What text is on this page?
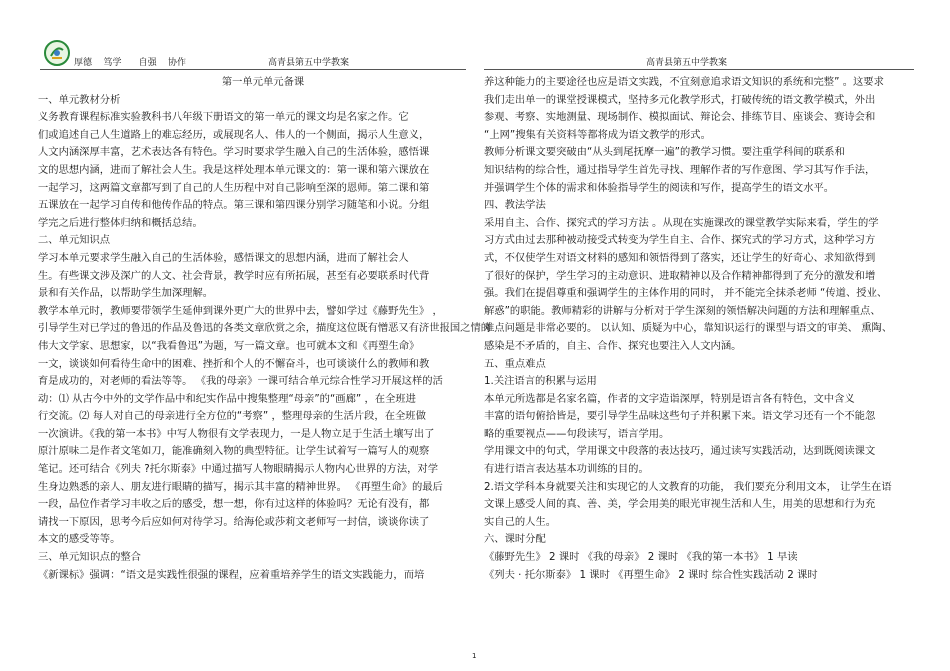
厚德    笃学      自强    协作	高青县第五中学教案	高青县第五中学教案
第一单元单元备课
一、单元教材分析
义务教育课程标准实验教科书八年级下册语文的第一单元的课文均是名家之作。它
们或追述自己人生道路上的难忘经历，或展现名人、伟人的一个侧面，揭示人生意义，
人文内涵深厚丰富，艺术表达各有特色。学习时要求学生融入自己的生活体验，感悟课
文的思想内涵，进而了解社会人生。我是这样处理本单元课文的：第一课和第六课放在
一起学习，这两篇文章都写到了自己的人生历程中对自己影响至深的恩师。第二课和第
五课放在一起学习自传和他传作品的特点。第三课和第四课分别学习随笔和小说。分组
学完之后进行整体归纳和概括总结。
二、单元知识点
学习本单元要求学生融入自己的生活体验，感悟课文的思想内涵，进而了解社会人
生。有些课文涉及深广的人文、社会背景，教学时应有所拓展，甚至有必要联系时代背
景和有关作品，以帮助学生加深理解。
教学本单元时，教师要带领学生延伸到课外更广大的世界中去，譬如学过《藤野先生》 ，
引导学生对已学过的鲁迅的作品及鲁迅的各类文章欣赏之余，描度这位既有憎恶又有济世报国之情的
伟大文学家、思想家，以“我看鲁迅”为题，写一篇文章。也可就本文和《再塑生命》
一文，谈谈如何看待生命中的困难、挫折和个人的不懈奋斗，也可谈谈什么的教师和教
育是成功的，对老师的看法等等。 《我的母亲》一课可结合单元综合性学习开展这样的活
动：⑴ 从古今中外的文学作品中和纪实作品中搜集整理“母亲”的“画廊” ，在全班进
行交流。⑵ 每人对自己的母亲进行全方位的“考察” ，整理母亲的生活片段，在全班做
一次演讲。《我的第一本书》中写人物很有文学表现力，一是人物立足于生活土壤写出了
原汁原味二是作者文笔如刀，能准确刻入物的典型特征。让学生试着写一篇写人的观察
笔记。还可结合《列夫 ?托尔斯泰》中通过描写人物眼睛揭示人物内心世界的方法，对学
生身边熟悉的亲人、朋友进行眼睛的描写，揭示其丰富的精神世界。 《再塑生命》的最后
一段，品位作者学习丰收之后的感受，想一想，你有过这样的体验吗？无论有没有，都
请找一下原因，思考今后应如何对待学习。给海伦或莎莉文老师写一封信，谈谈你读了
本文的感受等等。
三、单元知识点的整合
《新课标》强调：“语文是实践性很强的课程，应着重培养学生的语文实践能力，而培
养这种能力的主要途径也应是语文实践，不宜刻意追求语文知识的系统和完整” 。这要求
我们走出单一的课堂授课模式，坚持多元化教学形式，打破传统的语文教学模式，外出
参观、考察、实地测量、现场制作、模拟面试、辩论会、排练节目、座谈会、赛诗会和
“上网”搜集有关资料等都将成为语文教学的形式。
教师分析课文要突破由“从头到尾抚摩一遍”的教学习惯。要注重学科间的联系和
知识结构的综合性，通过指导学生首先寻找、理解作者的写作意图、学习其写作手法，
并强调学生个体的需求和体验指导学生的阅读和写作，提高学生的语文水平。
四、教法学法
采用自主、合作、探究式的学习方法 。从现在实施课改的课堂教学实际来看，学生的学
习方式由过去那种被动接受式转变为学生自主、合作、探究式的学习方式，这种学习方
式，不仅使学生对语文材料的感知和领悟得到了落实，还让学生的好奇心、求知欲得到
了很好的保护，学生学习的主动意识、进取精神以及合作精神都得到了充分的激发和增
强。我们在提倡尊重和强调学生的主体作用的同时， 并不能完全抹杀老师 “传道、授业、
解惑”的职能。教师精彩的讲解与分析对于学生深刻的领悟解决问题的方法和理解重点、
难点问题是非常必要的。 以认知、质疑为中心，靠知识运行的课型与语文的审美、 熏陶、
感染是不矛盾的，自主、合作、探究也要注入人文内涵。
五、重点难点
1.关注语言的积累与运用
本单元所选都是名家名篇，作者的文字造诣深厚，特别是语言各有特色，文中含义
丰富的语句俯拾皆是，要引导学生品味这些句子并积累下来。语文学习还有一个不能忽
略的重要视点——句段读写，语言学用。
学用课文中的句式，学用课文中段落的表达技巧，通过读写实践活动，达到既阅读课文
有进行语言表达基本功训练的目的。
2.语文学科本身就要关注和实现它的人文教育的功能， 我们要充分利用文本， 让学生在语
文课上感受人间的真、善、美，学会用美的眼光审视生活和人生，用美的思想和行为充
实自己的人生。
六、课时分配
《藤野先生》 2 课时 《我的母亲》 2 课时 《我的第一本书》 1 早读
《列夫 · 托尔斯泰》 1 课时 《再塑生命》 2 课时 综合性实践活动 2 课时
1
